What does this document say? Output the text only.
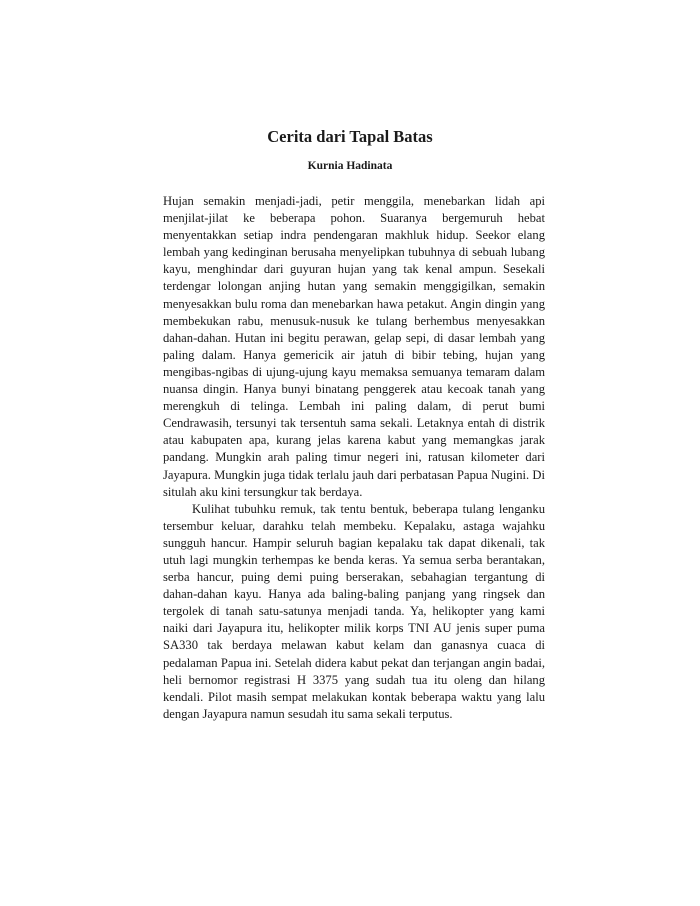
Cerita dari Tapal Batas
Kurnia Hadinata

Hujan semakin menjadi-jadi, petir menggila, menebarkan lidah api menjilat-jilat ke beberapa pohon. Suaranya bergemuruh hebat menyentakkan setiap indra pendengaran makhluk hidup. Seekor elang lembah yang kedinginan berusaha menyelipkan tubuhnya di sebuah lubang kayu, menghindar dari guyuran hujan yang tak kenal ampun. Sesekali terdengar lolongan anjing hutan yang semakin menggigilkan, semakin menyesakkan bulu roma dan menebarkan hawa petakut. Angin dingin yang membekukan rabu, menusuk-nusuk ke tulang berhembus menyesakkan dahan-dahan. Hutan ini begitu perawan, gelap sepi, di dasar lembah yang paling dalam. Hanya gemericik air jatuh di bibir tebing, hujan yang mengibas-ngibas di ujung-ujung kayu memaksa semuanya temaram dalam nuansa dingin. Hanya bunyi binatang penggerek atau kecoak tanah yang merengkuh di telinga. Lembah ini paling dalam, di perut bumi Cendrawasih, tersunyi tak tersentuh sama sekali. Letaknya entah di distrik atau kabupaten apa, kurang jelas karena kabut yang memangkas jarak pandang. Mungkin arah paling timur negeri ini, ratusan kilometer dari Jayapura. Mungkin juga tidak terlalu jauh dari perbatasan Papua Nugini. Di situlah aku kini tersungkur tak berdaya.

Kulihat tubuhku remuk, tak tentu bentuk, beberapa tulang lenganku tersembur keluar, darahku telah membeku. Kepalaku, astaga wajahku sungguh hancur. Hampir seluruh bagian kepalaku tak dapat dikenali, tak utuh lagi mungkin terhempas ke benda keras. Ya semua serba berantakan, serba hancur, puing demi puing berserakan, sebahagian tergantung di dahan-dahan kayu. Hanya ada baling-baling panjang yang ringsek dan tergolek di tanah satu-satunya menjadi tanda. Ya, helikopter yang kami naiki dari Jayapura itu, helikopter milik korps TNI AU jenis super puma SA330 tak berdaya melawan kabut kelam dan ganasnya cuaca di pedalaman Papua ini. Setelah didera kabut pekat dan terjangan angin badai, heli bernomor registrasi H 3375 yang sudah tua itu oleng dan hilang kendali. Pilot masih sempat melakukan kontak beberapa waktu yang lalu dengan Jayapura namun sesudah itu sama sekali terputus.
